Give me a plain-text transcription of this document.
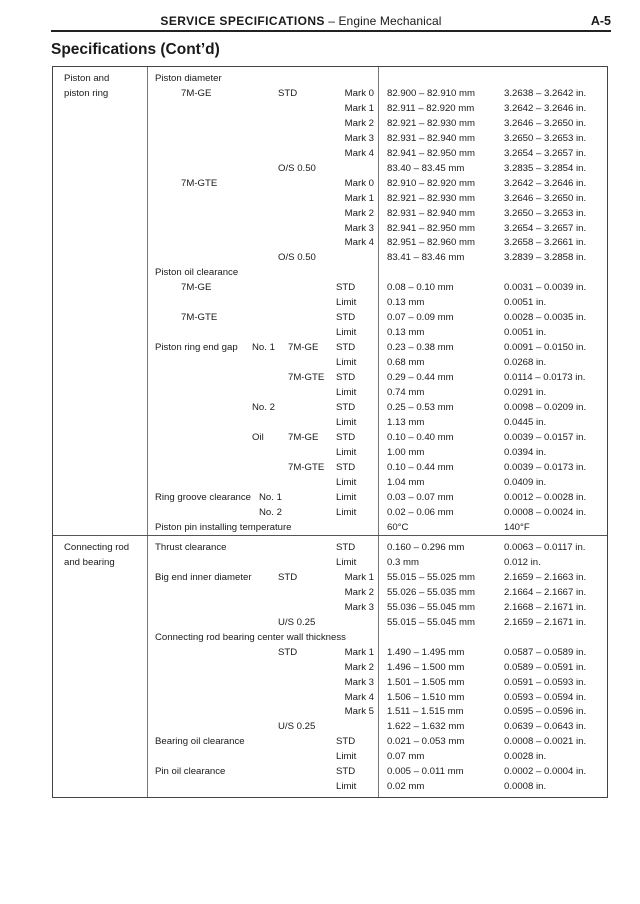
SERVICE SPECIFICATIONS – Engine Mechanical	A-5
Specifications (Cont’d)
Piston and
piston ring
Piston diameter
7M-GE	STD	Mark 0 82.900 – 82.910 mm	3.2638 – 3.2642 in.
Mark 1 82.911 – 82.920 mm	3.2642 – 3.2646 in.
Mark 2 82.921 – 82.930 mm	3.2646 – 3.2650 in.
Mark 3 82.931 – 82.940 mm	3.2650 – 3.2653 in.
Mark 4 82.941 – 82.950 mm	3.2654 – 3.2657 in.
O/S 0.50	83.40 – 83.45 mm	3.2835 – 3.2854 in.
7M-GTE	Mark 0 82.910 – 82.920 mm	3.2642 – 3.2646 in.
Mark 1 82.921 – 82.930 mm	3.2646 – 3.2650 in.
Mark 2 82.931 – 82.940 mm	3.2650 – 3.2653 in.
Mark 3 82.941 – 82.950 mm	3.2654 – 3.2657 in.
Mark 4 82.951 – 82.960 mm	3.2658 – 3.2661 in.
O/S 0.50	83.41 – 83.46 mm	3.2839 – 3.2858 in.
Piston oil clearance
7M-GE	STD	0.08 – 0.10 mm	0.0031 – 0.0039 in.
Limit	0.13 mm	0.0051 in.
7M-GTE	STD	0.07 – 0.09 mm	0.0028 – 0.0035 in.
Limit	0.13 mm	0.0051 in.
Piston ring end gap No. 1 7M-GE STD	0.23 – 0.38 mm	0.0091 – 0.0150 in.
Limit	0.68 mm	0.0268 in.
7M-GTE STD	0.29 – 0.44 mm	0.0114 – 0.0173 in.
Limit	0.74 mm	0.0291 in.
No. 2	STD	0.25 – 0.53 mm	0.0098 – 0.0209 in.
Limit	1.13 mm	0.0445 in.
Oil	7M-GE STD	0.10 – 0.40 mm	0.0039 – 0.0157 in.
Limit	1.00 mm	0.0394 in.
7M-GTE STD	0.10 – 0.44 mm	0.0039 – 0.0173 in.
Limit	1.04 mm	0.0409 in.
Ring groove clearance No. 1	Limit	0.03 – 0.07 mm	0.0012 – 0.0028 in.
No. 2	Limit	0.02 – 0.06 mm	0.0008 – 0.0024 in.
Piston pin installing temperature	60°C	140°F
Connecting rod
and bearing
Thrust clearance	STD	0.160 – 0.296 mm	0.0063 – 0.0117 in.
Limit	0.3 mm	0.012 in.
Big end inner diameter	STD	Mark 1 55.015 – 55.025 mm	2.1659 – 2.1663 in.
Mark 2 55.026 – 55.035 mm	2.1664 – 2.1667 in.
Mark 3 55.036 – 55.045 mm	2.1668 – 2.1671 in.
U/S 0.25	55.015 – 55.045 mm	2.1659 – 2.1671 in.
Connecting rod bearing center wall thickness
STD	Mark 1 1.490 – 1.495 mm	0.0587 – 0.0589 in.
Mark 2 1.496 – 1.500 mm	0.0589 – 0.0591 in.
Mark 3 1.501 – 1.505 mm	0.0591 – 0.0593 in.
Mark 4 1.506 – 1.510 mm	0.0593 – 0.0594 in.
Mark 5 1.511 – 1.515 mm	0.0595 – 0.0596 in.
U/S 0.25	1.622 – 1.632 mm	0.0639 – 0.0643 in.
Bearing oil clearance	STD	0.021 – 0.053 mm	0.0008 – 0.0021 in.
Limit	0.07 mm	0.0028 in.
Pin oil clearance	STD	0.005 – 0.011 mm	0.0002 – 0.0004 in.
Limit	0.02 mm	0.0008 in.
